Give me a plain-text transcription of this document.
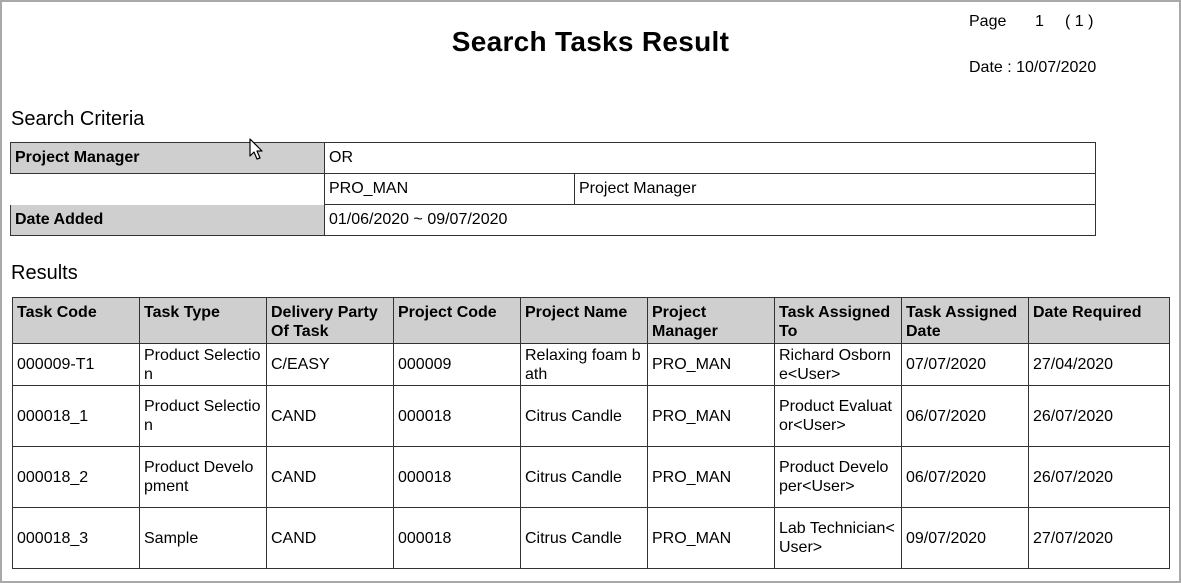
Search Tasks Result
Page 1 ( 1 )
Date : 10/07/2020
Search Criteria
Project Manager	OR	
	PRO_MAN	Project Manager
Date Added	01/06/2020 ~ 09/07/2020	
Results
Task Code	Task Type	Delivery Party Of Task	Project Code	Project Name	Project Manager	Task Assigned To	Task Assigned Date	Date Required
000009-T1	Product Selection	C/EASY	000009	Relaxing foam bath	PRO_MAN	Richard Osborne<User>	07/07/2020	27/04/2020
000018_1	Product Selection	CAND	000018	Citrus Candle	PRO_MAN	Product Evaluator<User>	06/07/2020	26/07/2020
000018_2	Product Development	CAND	000018	Citrus Candle	PRO_MAN	Product Developer<User>	06/07/2020	26/07/2020
000018_3	Sample	CAND	000018	Citrus Candle	PRO_MAN	Lab Technician<User>	09/07/2020	27/07/2020
